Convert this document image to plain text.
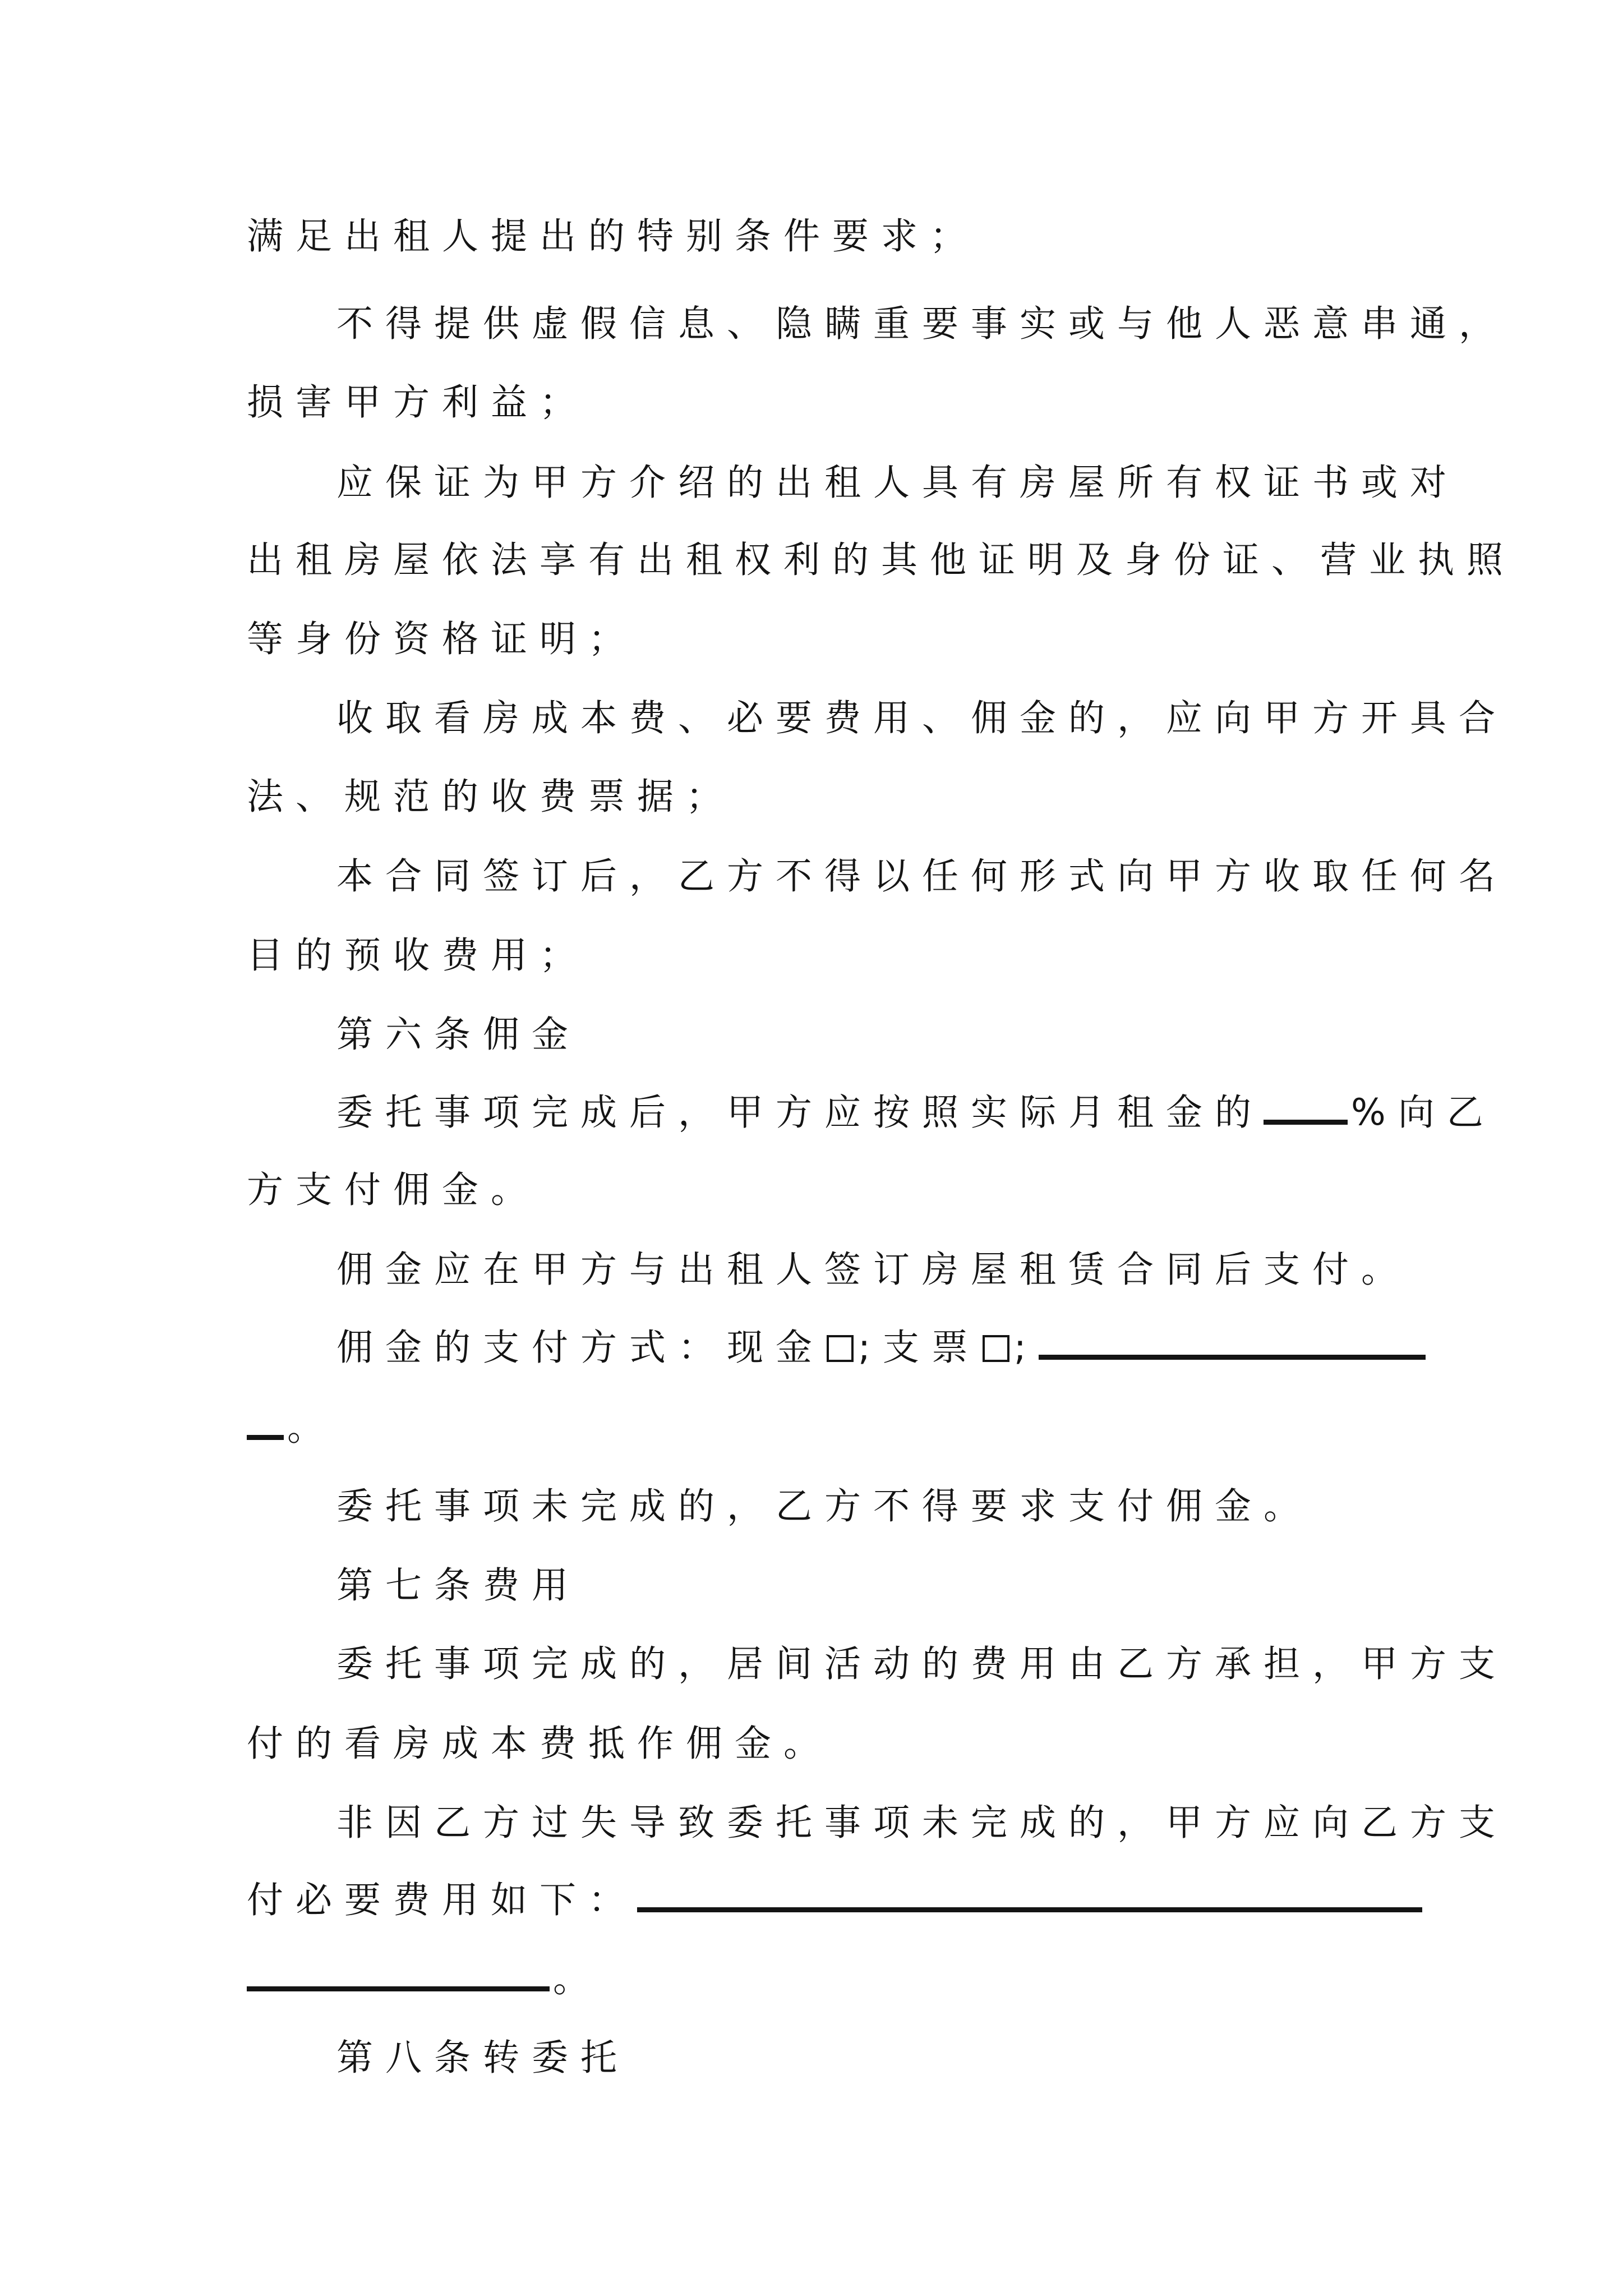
满足出租人提出的特别条件要求；
不得提供虚假信息、隐瞒重要事实或与他人恶意串通，
损害甲方利益；
应保证为甲方介绍的出租人具有房屋所有权证书或对
出租房屋依法享有出租权利的其他证明及身份证、营业执照
等身份资格证明；
收取看房成本费、必要费用、佣金的，应向甲方开具合
法、规范的收费票据；
本合同签订后，乙方不得以任何形式向甲方收取任何名
目的预收费用；
第六条佣金
委托事项完成后，甲方应按照实际月租金的 %向乙
方支付佣金。
佣金应在甲方与出租人签订房屋租赁合同后支付。
佣金的支付方式：现金 ;支票 ;
。
委托事项未完成的，乙方不得要求支付佣金。
第七条费用
委托事项完成的，居间活动的费用由乙方承担，甲方支
付的看房成本费抵作佣金。
非因乙方过失导致委托事项未完成的，甲方应向乙方支
付必要费用如下：
。
第八条转委托
